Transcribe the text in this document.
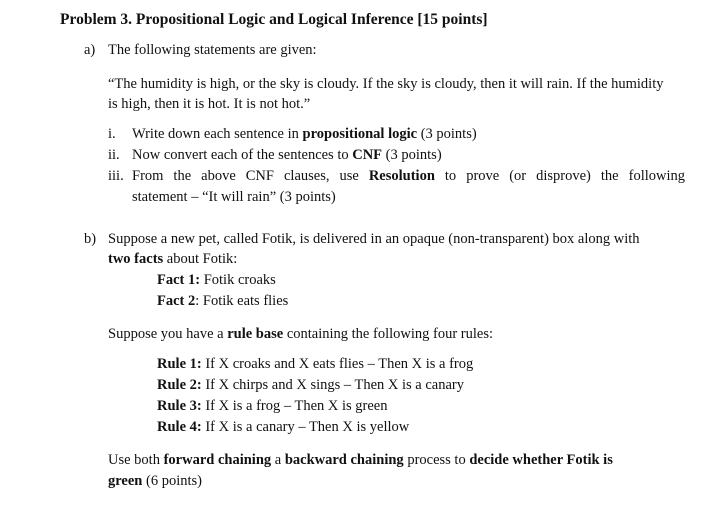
Problem 3. Propositional Logic and Logical Inference [15 points]
a) The following statements are given:
“The humidity is high, or the sky is cloudy. If the sky is cloudy, then it will rain. If the humidity
is high, then it is hot. It is not hot.”
i. Write down each sentence in propositional logic (3 points)
ii. Now convert each of the sentences to CNF (3 points)
iii. From the above CNF clauses, use Resolution to prove (or disprove) the following
statement – “It will rain” (3 points)
b) Suppose a new pet, called Fotik, is delivered in an opaque (non-transparent) box along with
two facts about Fotik:
Fact 1: Fotik croaks
Fact 2: Fotik eats flies
Suppose you have a rule base containing the following four rules:
Rule 1: If X croaks and X eats flies – Then X is a frog
Rule 2: If X chirps and X sings – Then X is a canary
Rule 3: If X is a frog – Then X is green
Rule 4: If X is a canary – Then X is yellow
Use both forward chaining a backward chaining process to decide whether Fotik is
green (6 points)
